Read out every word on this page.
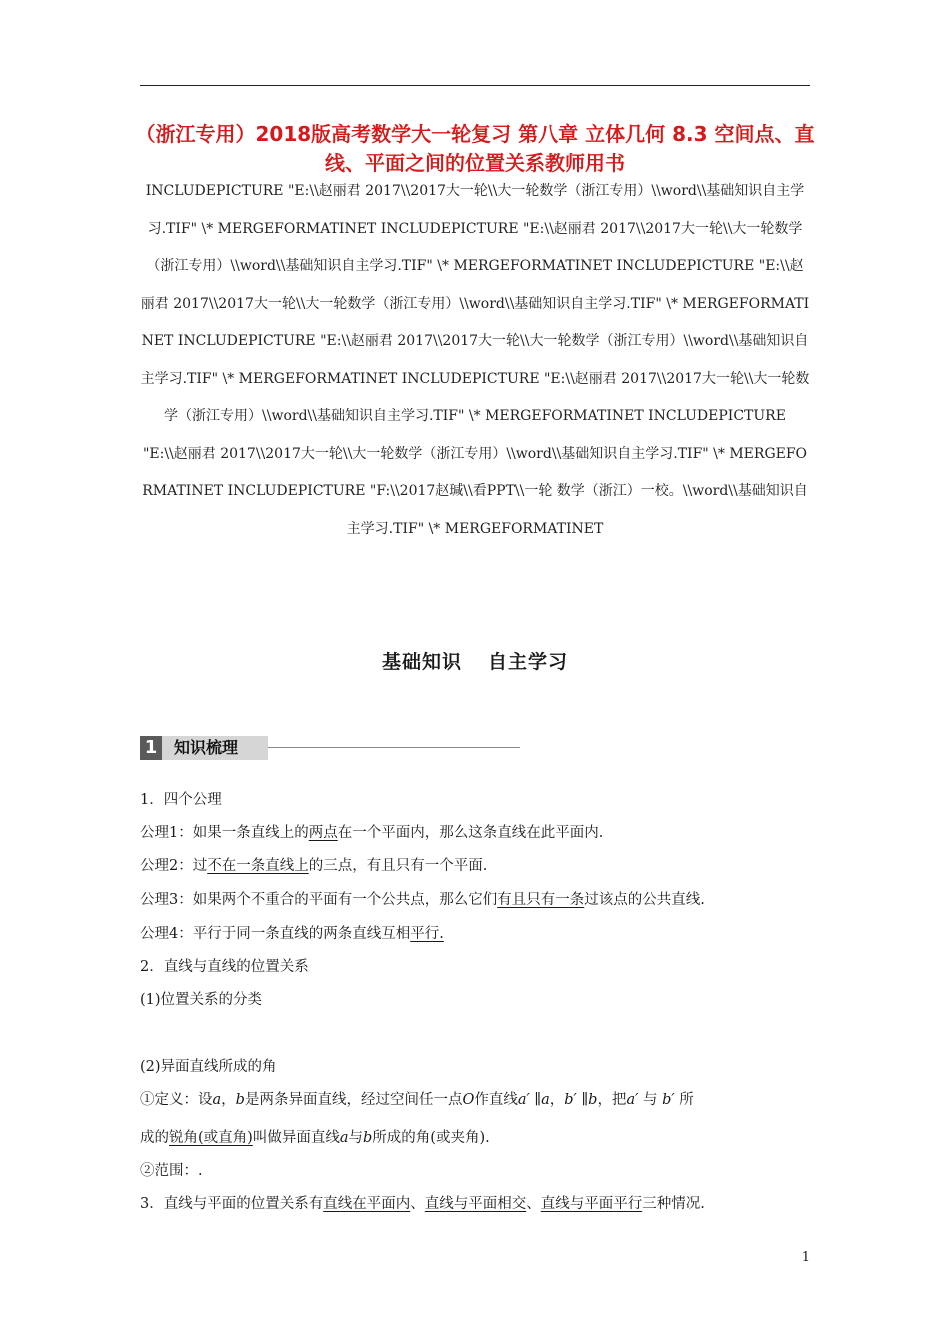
（浙江专用）2018版高考数学大一轮复习 第八章 立体几何 8.3 空间点、直线、平面之间的位置关系教师用书

INCLUDEPICTURE "E:\\赵丽君 2017\\2017大一轮\\大一轮数学（浙江专用）\\word\\基础知识自主学习.TIF" \* MERGEFORMATINET INCLUDEPICTURE "E:\\赵丽君 2017\\2017大一轮\\大一轮数学（浙江专用）\\word\\基础知识自主学习.TIF" \* MERGEFORMATINET INCLUDEPICTURE "E:\\赵丽君 2017\\2017大一轮\\大一轮数学（浙江专用）\\word\\基础知识自主学习.TIF" \* MERGEFORMATINET INCLUDEPICTURE "E:\\赵丽君 2017\\2017大一轮\\大一轮数学（浙江专用）\\word\\基础知识自主学习.TIF" \* MERGEFORMATINET INCLUDEPICTURE "E:\\赵丽君 2017\\2017大一轮\\大一轮数学（浙江专用）\\word\\基础知识自主学习.TIF" \* MERGEFORMATINET INCLUDEPICTURE "E:\\赵丽君 2017\\2017大一轮\\大一轮数学（浙江专用）\\word\\基础知识自主学习.TIF" \* MERGEFORMATINET INCLUDEPICTURE "F:\\2017赵瑊\\看PPT\\一轮 数学（浙江）一校。\\word\\基础知识自主学习.TIF" \* MERGEFORMATINET

基础知识 自主学习
1	知识梳理

1．四个公理

公理1：如果一条直线上的两点在一个平面内，那么这条直线在此平面内.

公理2：过不在一条直线上的三点，有且只有一个平面.

公理3：如果两个不重合的平面有一个公共点，那么它们有且只有一条过该点的公共直线.

公理4：平行于同一条直线的两条直线互相平行.

2．直线与直线的位置关系

(1)位置关系的分类

(2)异面直线所成的角

①定义：设a，b是两条异面直线，经过空间任一点O作直线a′ ∥a，b′ ∥b，把a′ 与 b′ 所

成的锐角(或直角)叫做异面直线a与b所成的角(或夹角).

②范围：.

3．直线与平面的位置关系有直线在平面内、直线与平面相交、直线与平面平行三种情况.

1
